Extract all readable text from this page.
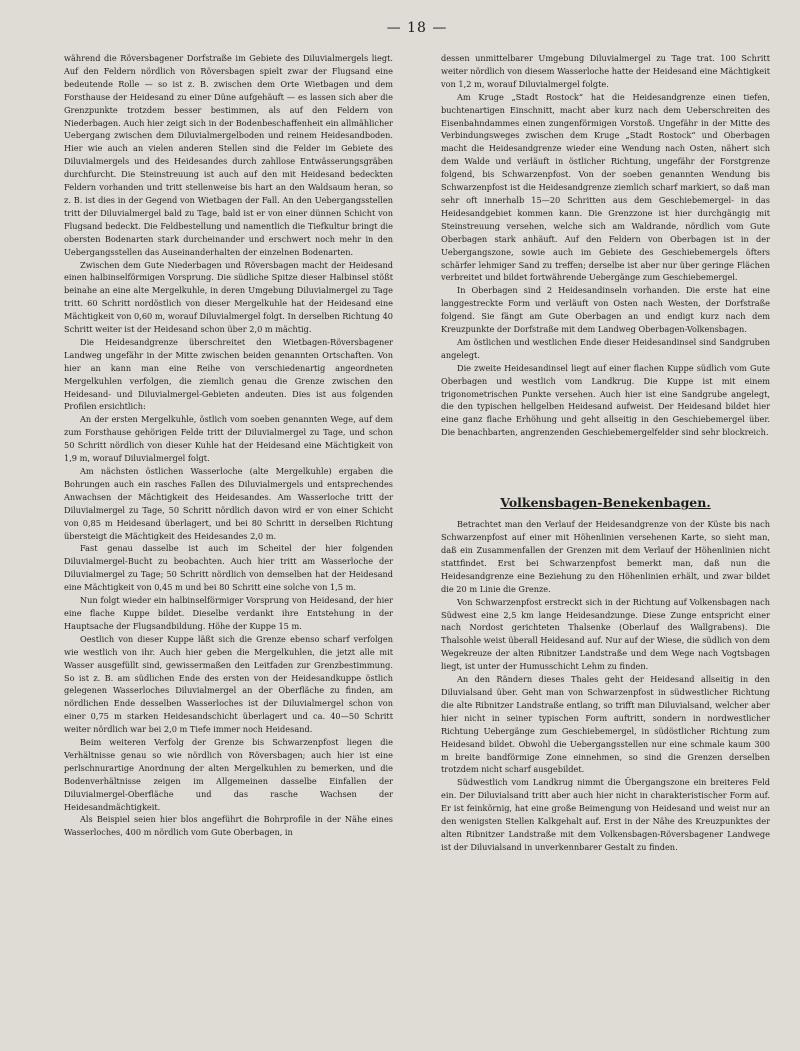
— 18 —

während die Röversbagener Dorfstraße im Gebiete des Diluvialmergels liegt. Auf den Feldern nördlich von Röversbagen spielt zwar der Flugsand eine bedeutende Rolle — so ist z. B. zwischen dem Orte Wietbagen und dem Forsthause der Heidesand zu einer Düne aufgehäuft — es lassen sich aber die Grenzpunkte trotzdem besser bestimmen, als auf den Feldern von Niederbagen. Auch hier zeigt sich in der Bodenbeschaffenheit ein allmählicher Uebergang zwischen dem Diluvialmergelboden und reinem Heidesandboden. Hier wie auch an vielen anderen Stellen sind die Felder im Gebiete des Diluvialmergels und des Heidesandes durch zahllose Entwässerungsgräben durchfurcht. Die Steinstreuung ist auch auf den mit Heidesand bedeckten Feldern vorhanden und tritt stellenweise bis hart an den Waldsaum heran, so z. B. ist dies in der Gegend von Wietbagen der Fall. An den Uebergangsstellen tritt der Diluvialmergel bald zu Tage, bald ist er von einer dünnen Schicht von Flugsand bedeckt. Die Feldbestellung und namentlich die Tiefkultur bringt die obersten Bodenarten stark durcheinander und erschwert noch mehr in den Uebergangsstellen das Auseinanderhalten der einzelnen Bodenarten.

Zwischen dem Gute Niederbagen und Röversbagen macht der Heidesand einen halbinselförmigen Vorsprung. Die südliche Spitze dieser Halbinsel stößt beinahe an eine alte Mergelkuhle, in deren Umgebung Diluvialmergel zu Tage tritt. 60 Schritt nordöstlich von dieser Mergelkuhle hat der Heidesand eine Mächtigkeit von 0,60 m, worauf Diluvialmergel folgt. In derselben Richtung 40 Schritt weiter ist der Heidesand schon über 2,0 m mächtig.

Die Heidesandgrenze überschreitet den Wietbagen-Röversbagener Landweg ungefähr in der Mitte zwischen beiden genannten Ortschaften. Von hier an kann man eine Reihe von verschiedenartig angeordneten Mergelkuhlen verfolgen, die ziemlich genau die Grenze zwischen den Heidesand- und Diluvialmergel-Gebieten andeuten. Dies ist aus folgenden Profilen ersichtlich:

An der ersten Mergelkuhle, östlich vom soeben genannten Wege, auf dem zum Forsthause gehörigen Felde tritt der Diluvialmergel zu Tage, und schon 50 Schritt nördlich von dieser Kuhle hat der Heidesand eine Mächtigkeit von 1,9 m, worauf Diluvialmergel folgt.

Am nächsten östlichen Wasserloche (alte Mergelkuhle) ergaben die Bohrungen auch ein rasches Fallen des Diluvialmergels und entsprechendes Anwachsen der Mächtigkeit des Heidesandes. Am Wasserloche tritt der Diluvialmergel zu Tage, 50 Schritt nördlich davon wird er von einer Schicht von 0,85 m Heidesand überlagert, und bei 80 Schritt in derselben Richtung übersteigt die Mächtigkeit des Heidesandes 2,0 m.

Fast genau dasselbe ist auch im Scheitel der hier folgenden Diluvialmergel-Bucht zu beobachten. Auch hier tritt am Wasserloche der Diluvialmergel zu Tage; 50 Schritt nördlich von demselben hat der Heidesand eine Mächtigkeit von 0,45 m und bei 80 Schritt eine solche von 1,5 m.

Nun folgt wieder ein halbinselförmiger Vorsprung von Heidesand, der hier eine flache Kuppe bildet. Dieselbe verdankt ihre Entstehung in der Hauptsache der Flugsandbildung. Höhe der Kuppe 15 m.

Oestlich von dieser Kuppe läßt sich die Grenze ebenso scharf verfolgen wie westlich von ihr. Auch hier geben die Mergelkuhlen, die jetzt alle mit Wasser ausgefüllt sind, gewissermaßen den Leitfaden zur Grenzbestimmung. So ist z. B. am südlichen Ende des ersten von der Heidesandkuppe östlich gelegenen Wasserloches Diluvialmergel an der Oberfläche zu finden, am nördlichen Ende desselben Wasserloches ist der Diluvialmergel schon von einer 0,75 m starken Heidesandschicht überlagert und ca. 40—50 Schritt weiter nördlich war bei 2,0 m Tiefe immer noch Heidesand.

Beim weiteren Verfolg der Grenze bis Schwarzenpfost liegen die Verhältnisse genau so wie nördlich von Röversbagen; auch hier ist eine perlschnurartige Anordnung der alten Mergelkuhlen zu bemerken, und die Bodenverhältnisse zeigen im Allgemeinen dasselbe Einfallen der Diluvialmergel-Oberfläche und das rasche Wachsen der Heidesandmächtigkeit.

Als Beispiel seien hier blos angeführt die Bohrprofile in der Nähe eines Wasserloches, 400 m nördlich vom Gute Oberbagen, in

dessen unmittelbarer Umgebung Diluvialmergel zu Tage trat. 100 Schritt weiter nördlich von diesem Wasserloche hatte der Heidesand eine Mächtigkeit von 1,2 m, worauf Diluvialmergel folgte.

Am Kruge „Stadt Rostock“ hat die Heidesandgrenze einen tiefen, buchtenartigen Einschnitt, macht aber kurz nach dem Ueberschreiten des Eisenbahndammes einen zungenförmigen Vorstoß. Ungefähr in der Mitte des Verbindungsweges zwischen dem Kruge „Stadt Rostock“ und Oberbagen macht die Heidesandgrenze wieder eine Wendung nach Osten, nähert sich dem Walde und verläuft in östlicher Richtung, ungefähr der Forstgrenze folgend, bis Schwarzenpfost. Von der soeben genannten Wendung bis Schwarzenpfost ist die Heidesandgrenze ziemlich scharf markiert, so daß man sehr oft innerhalb 15—20 Schritten aus dem Geschiebemergel- in das Heidesandgebiet kommen kann. Die Grenzzone ist hier durchgängig mit Steinstreuung versehen, welche sich am Waldrande, nördlich vom Gute Oberbagen stark anhäuft. Auf den Feldern von Oberbagen ist in der Uebergangszone, sowie auch im Gebiete des Geschiebemergels öfters schärfer lehmiger Sand zu treffen; derselbe ist aber nur über geringe Flächen verbreitet und bildet fortwährende Uebergänge zum Geschiebemergel.

In Oberbagen sind 2 Heidesandinseln vorhanden. Die erste hat eine langgestreckte Form und verläuft von Osten nach Westen, der Dorfstraße folgend. Sie fängt am Gute Oberbagen an und endigt kurz nach dem Kreuzpunkte der Dorfstraße mit dem Landweg Oberbagen-Volkensbagen.

Am östlichen und westlichen Ende dieser Heidesandinsel sind Sandgruben angelegt.

Die zweite Heidesandinsel liegt auf einer flachen Kuppe südlich vom Gute Oberbagen und westlich vom Landkrug. Die Kuppe ist mit einem trigonometrischen Punkte versehen. Auch hier ist eine Sandgrube angelegt, die den typischen hellgelben Heidesand aufweist. Der Heidesand bildet hier eine ganz flache Erhöhung und geht allseitig in den Geschiebemergel über. Die benachbarten, angrenzenden Geschiebemergelfelder sind sehr blockreich.

Volkensbagen-Benekenbagen.

Betrachtet man den Verlauf der Heidesandgrenze von der Küste bis nach Schwarzenpfost auf einer mit Höhenlinien versehenen Karte, so sieht man, daß ein Zusammenfallen der Grenzen mit dem Verlauf der Höhenlinien nicht stattfindet. Erst bei Schwarzenpfost bemerkt man, daß nun die Heidesandgrenze eine Beziehung zu den Höhenlinien erhält, und zwar bildet die 20 m Linie die Grenze.

Von Schwarzenpfost erstreckt sich in der Richtung auf Volkensbagen nach Südwest eine 2,5 km lange Heidesandzunge. Diese Zunge entspricht einer nach Nordost gerichteten Thalsenke (Oberlauf des Wallgrabens). Die Thalsohle weist überall Heidesand auf. Nur auf der Wiese, die südlich von dem Wegekreuze der alten Ribnitzer Landstraße und dem Wege nach Vogtsbagen liegt, ist unter der Humusschicht Lehm zu finden.

An den Rändern dieses Thales geht der Heidesand allseitig in den Diluvialsand über. Geht man von Schwarzenpfost in südwestlicher Richtung die alte Ribnitzer Landstraße entlang, so trifft man Diluvialsand, welcher aber hier nicht in seiner typischen Form auftritt, sondern in nordwestlicher Richtung Uebergänge zum Geschiebemergel, in südöstlicher Richtung zum Heidesand bildet. Obwohl die Uebergangsstellen nur eine schmale kaum 300 m breite bandförmige Zone einnehmen, so sind die Grenzen derselben trotzdem nicht scharf ausgebildet.

Südwestlich vom Landkrug nimmt die Übergangszone ein breiteres Feld ein. Der Diluvialsand tritt aber auch hier nicht in charakteristischer Form auf. Er ist feinkörnig, hat eine große Beimengung von Heidesand und weist nur an den wenigsten Stellen Kalkgehalt auf. Erst in der Nähe des Kreuzpunktes der alten Ribnitzer Landstraße mit dem Volkensbagen-Röversbagener Landwege ist der Diluvialsand in unverkennbarer Gestalt zu finden.
